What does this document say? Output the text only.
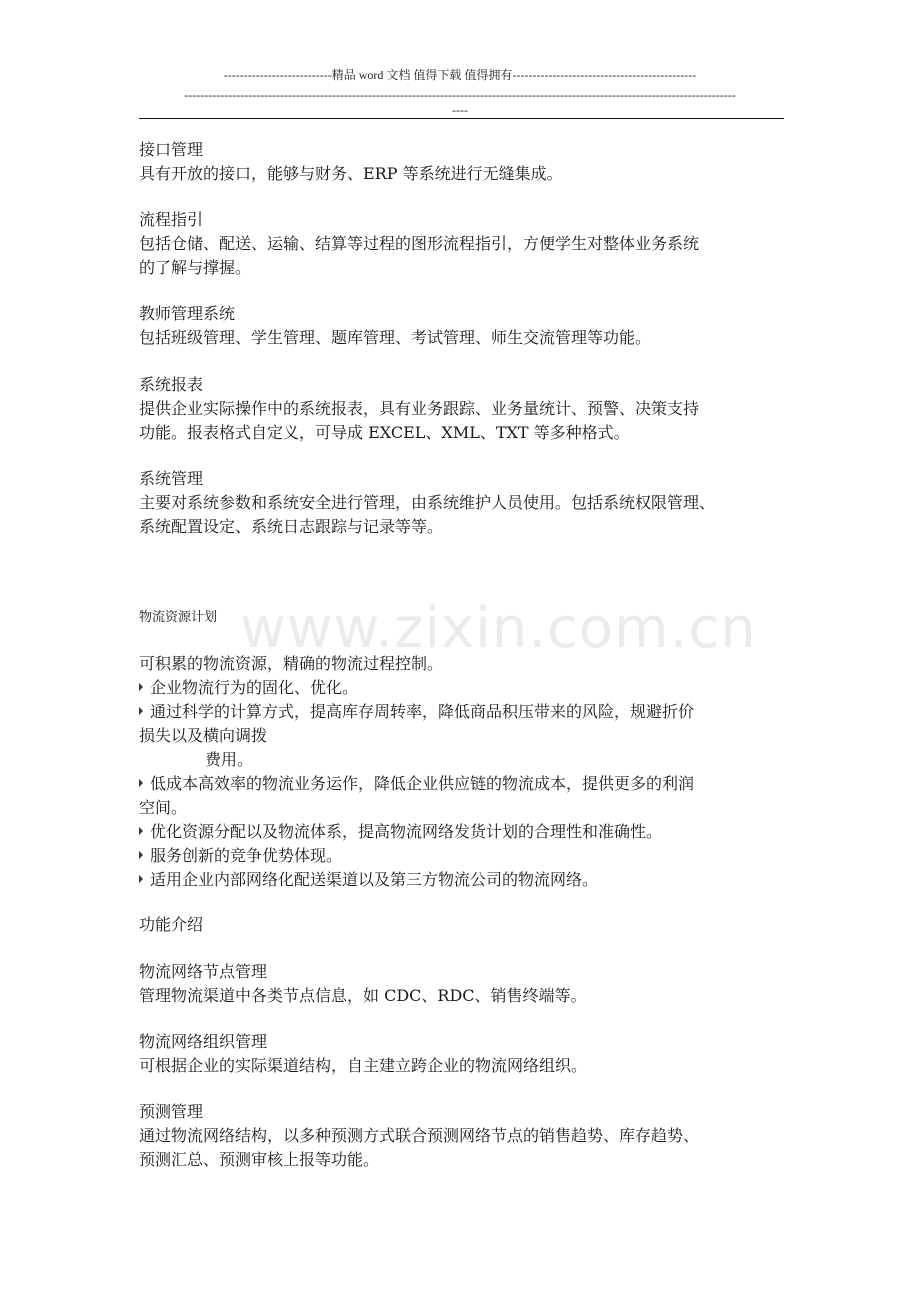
---------------------------精品 word 文档 值得下载 值得拥有----------------------------------------------
------------------------------------------------------------------------------------------------------------------------------------------
----
接口管理
具有开放的接口，能够与财务、ERP 等系统进行无缝集成。
流程指引
包括仓储、配送、运输、结算等过程的图形流程指引，方便学生对整体业务系统
的了解与撑握。
教师管理系统
包括班级管理、学生管理、题库管理、考试管理、师生交流管理等功能。
系统报表
提供企业实际操作中的系统报表，具有业务跟踪、业务量统计、预警、决策支持
功能。报表格式自定义，可导成 EXCEL、XML、TXT 等多种格式。
系统管理
主要对系统参数和系统安全进行管理，由系统维护人员使用。包括系统权限管理、
系统配置设定、系统日志跟踪与记录等等。
www.zixin.com.cn
物流资源计划
可积累的物流资源，精确的物流过程控制。
企业物流行为的固化、优化。
通过科学的计算方式，提高库存周转率，降低商品积压带来的风险，规避折价
损失以及横向调拨
费用。
低成本高效率的物流业务运作，降低企业供应链的物流成本，提供更多的利润
空间。
优化资源分配以及物流体系，提高物流网络发货计划的合理性和准确性。
服务创新的竞争优势体现。
适用企业内部网络化配送渠道以及第三方物流公司的物流网络。
功能介绍
物流网络节点管理
管理物流渠道中各类节点信息，如 CDC、RDC、销售终端等。
物流网络组织管理
可根据企业的实际渠道结构，自主建立跨企业的物流网络组织。
预测管理
通过物流网络结构，以多种预测方式联合预测网络节点的销售趋势、库存趋势、
预测汇总、预测审核上报等功能。
